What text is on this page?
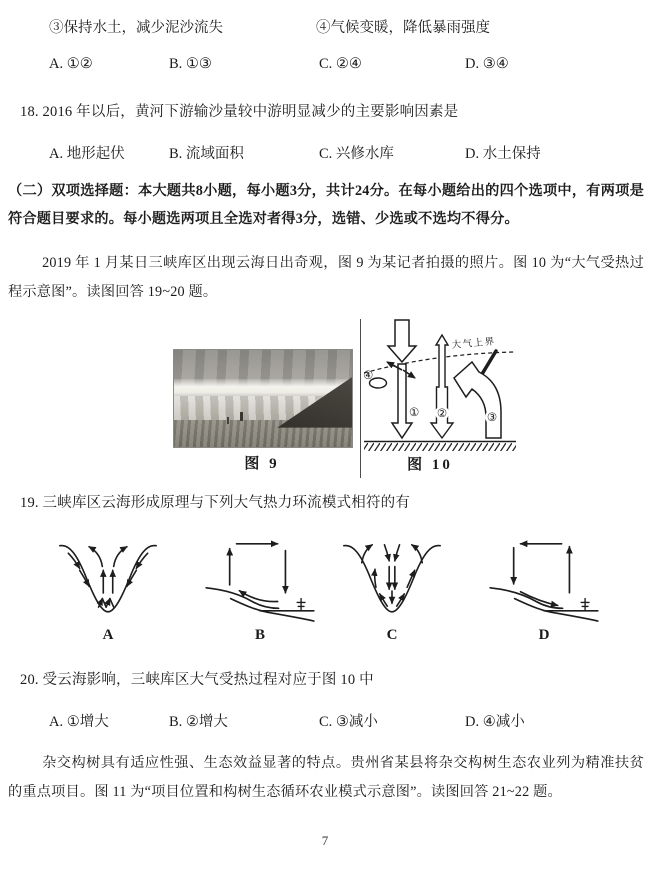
③保持水土，减少泥沙流失	④气候变暖，降低暴雨强度
A. ①②	B. ①③	C. ②④	D. ③④
18. 2016 年以后，黄河下游输沙量较中游明显减少的主要影响因素是
A. 地形起伏	B. 流域面积	C. 兴修水库	D. 水土保持
（二）双项选择题：本大题共8小题，每小题3分，共计24分。在每小题给出的四个选项中，有两项是符合题目要求的。每小题选两项且全选对者得3分，选错、少选或不选均不得分。
2019 年 1 月某日三峡库区出现云海日出奇观，图 9 为某记者拍摄的照片。图 10 为“大气受热过程示意图”。读图回答 19~20 题。
大气上界
④
① ②	③
图 9	图 10
19. 三峡库区云海形成原理与下列大气热力环流模式相符的有
A	B	C	D
20. 受云海影响，三峡库区大气受热过程对应于图 10 中
A. ①增大	B. ②增大	C. ③减小	D. ④减小
杂交构树具有适应性强、生态效益显著的特点。贵州省某县将杂交构树生态农业列为精准扶贫的重点项目。图 11 为“项目位置和构树生态循环农业模式示意图”。读图回答 21~22 题。
7
